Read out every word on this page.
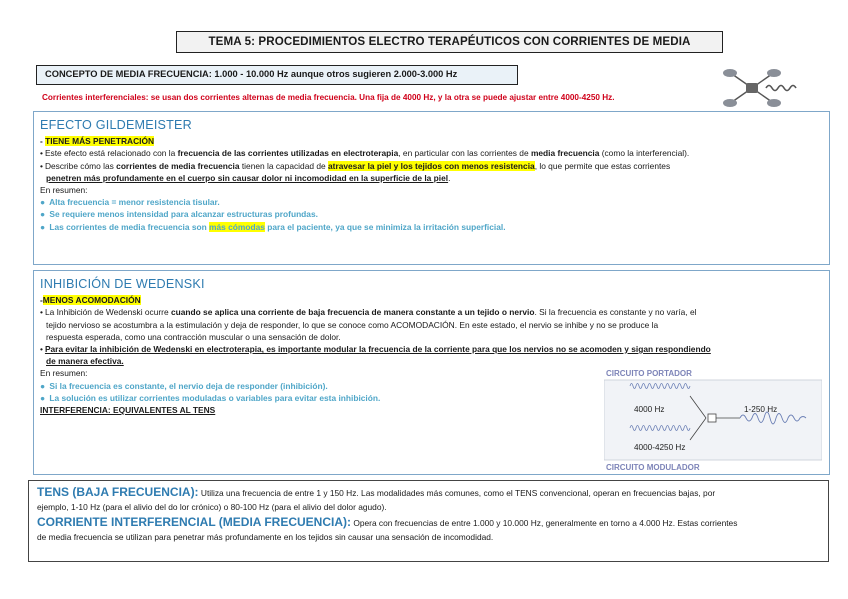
TEMA 5: PROCEDIMIENTOS ELECTRO TERAPÉUTICOS CON CORRIENTES DE MEDIA
CONCEPTO DE MEDIA FRECUENCIA: 1.000 - 10.000 Hz aunque otros sugieren 2.000-3.000 Hz
Corrientes interferenciales: se usan dos corrientes alternas de media frecuencia. Una fija de 4000 Hz, y la otra se puede ajustar entre 4000-4250 Hz.
EFECTO GILDEMEISTER
- TIENE MÁS PENETRACIÓN
• Este efecto está relacionado con la frecuencia de las corrientes utilizadas en electroterapia, en particular con las corrientes de media frecuencia (como la interferencial).
• Describe cómo las corrientes de media frecuencia tienen la capacidad de atravesar la piel y los tejidos con menos resistencia, lo que permite que estas corrientes
penetren más profundamente en el cuerpo sin causar dolor ni incomodidad en la superficie de la piel.
En resumen:
● Alta frecuencia = menor resistencia tisular.
● Se requiere menos intensidad para alcanzar estructuras profundas.
● Las corrientes de media frecuencia son más cómodas para el paciente, ya que se minimiza la irritación superficial.
INHIBICIÓN DE WEDENSKI
-MENOS ACOMODACIÓN
• La Inhibición de Wedenski ocurre cuando se aplica una corriente de baja frecuencia de manera constante a un tejido o nervio. Si la frecuencia es constante y no varía, el
tejido nervioso se acostumbra a la estimulación y deja de responder, lo que se conoce como ACOMODACIÓN. En este estado, el nervio se inhibe y no se produce la
respuesta esperada, como una contracción muscular o una sensación de dolor.
• Para evitar la inhibición de Wedenski en electroterapia, es importante modular la frecuencia de la corriente para que los nervios no se acomoden y sigan respondiendo
de manera efectiva.
En resumen:
● Si la frecuencia es constante, el nervio deja de responder (inhibición).
● La solución es utilizar corrientes moduladas o variables para evitar esta inhibición.
INTERFERENCIA: EQUIVALENTES AL TENS
CIRCUITO PORTADOR
4000 Hz
4000-4250 Hz
1-250 Hz
CIRCUITO MODULADOR
TENS (BAJA FRECUENCIA): Utiliza una frecuencia de entre 1 y 150 Hz. Las modalidades más comunes, como el TENS convencional, operan en frecuencias bajas, por
ejemplo, 1-10 Hz (para el alivio del do lor crónico) o 80-100 Hz (para el alivio del dolor agudo).
CORRIENTE INTERFERENCIAL (MEDIA FRECUENCIA): Opera con frecuencias de entre 1.000 y 10.000 Hz, generalmente en torno a 4.000 Hz. Estas corrientes
de media frecuencia se utilizan para penetrar más profundamente en los tejidos sin causar una sensación de incomodidad.
